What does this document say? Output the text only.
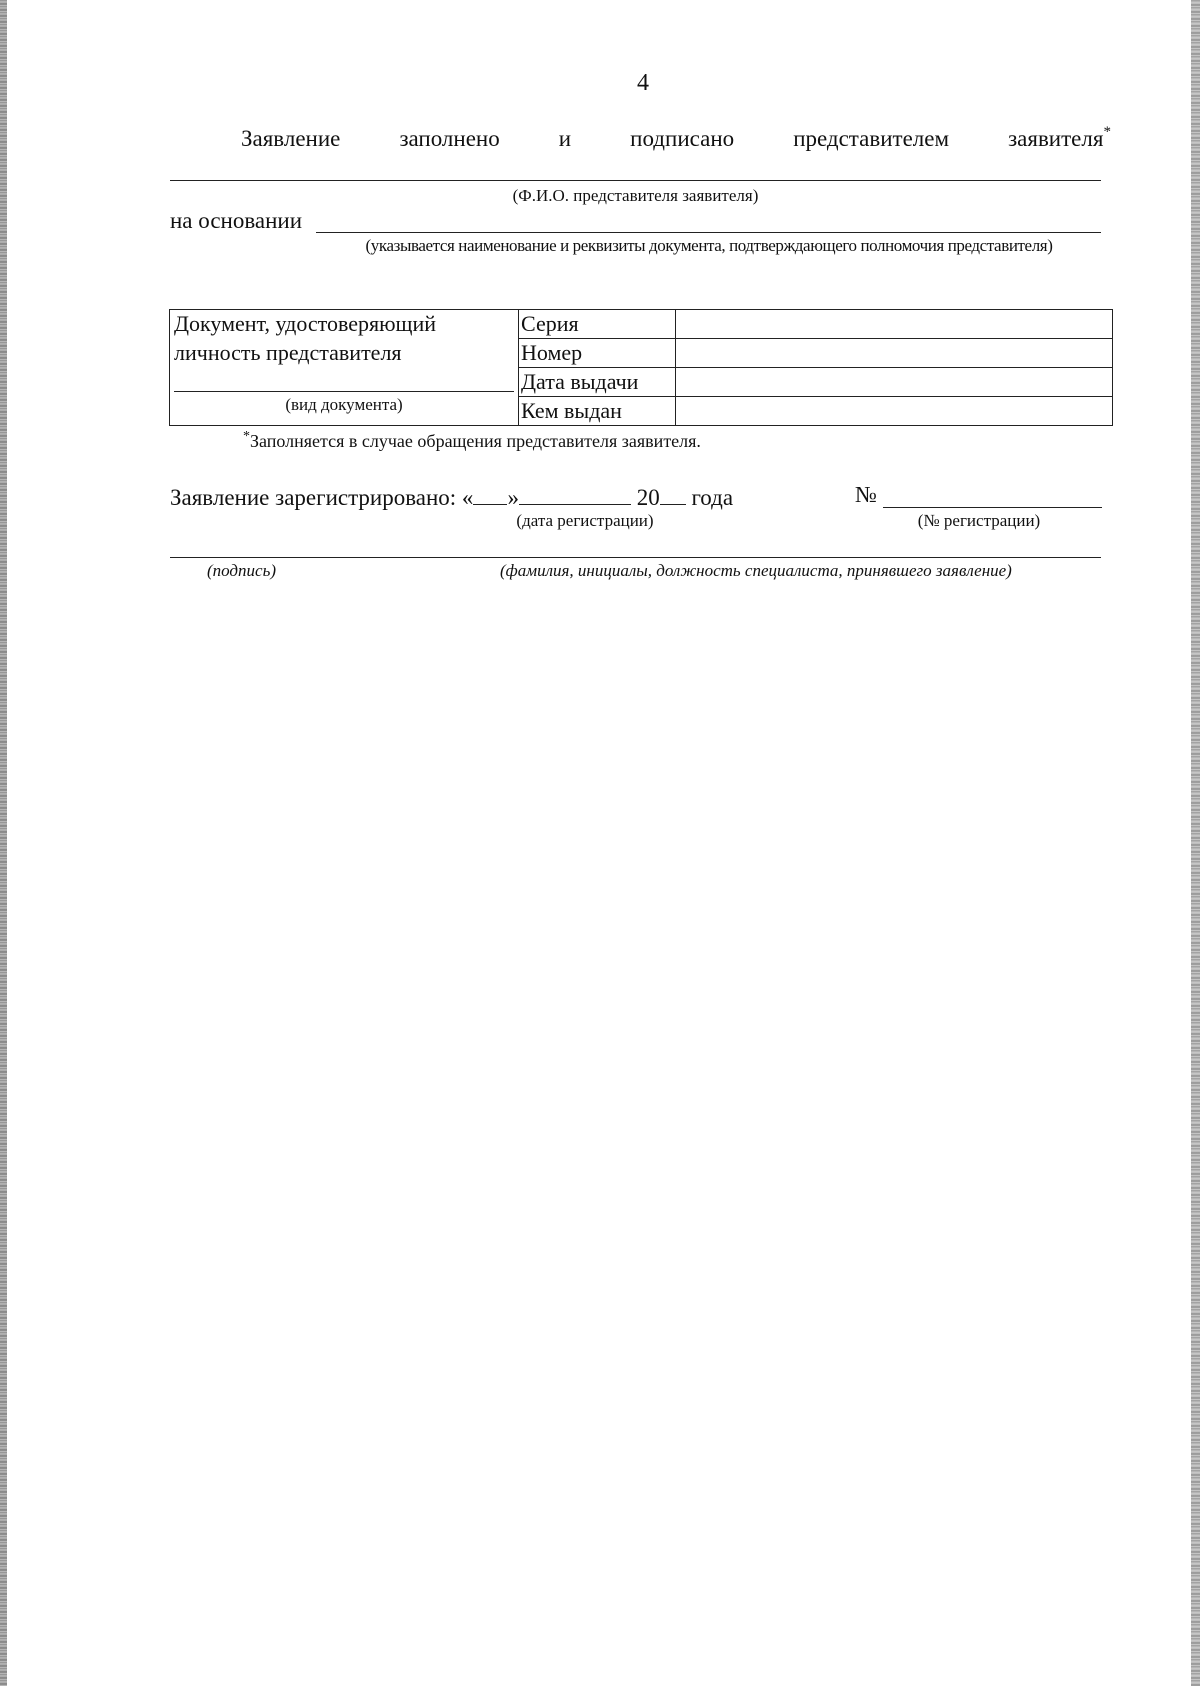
4
Заявление	заполнено	и	подписано	представителем	заявителя*
(Ф.И.О. представителя заявителя)
на основании
(указывается наименование и реквизиты документа, подтверждающего полномочия представителя)
Документ, удостоверяющий личность представителя
(вид документа)	Серия	
	Номер	
	Дата выдачи	
	Кем выдан	
*Заполняется в случае обращения представителя заявителя.
Заявление зарегистрировано: « »	20 года	№
(дата регистрации)	(№ регистрации)
(подпись)	(фамилия, инициалы, должность специалиста, принявшего заявление)
